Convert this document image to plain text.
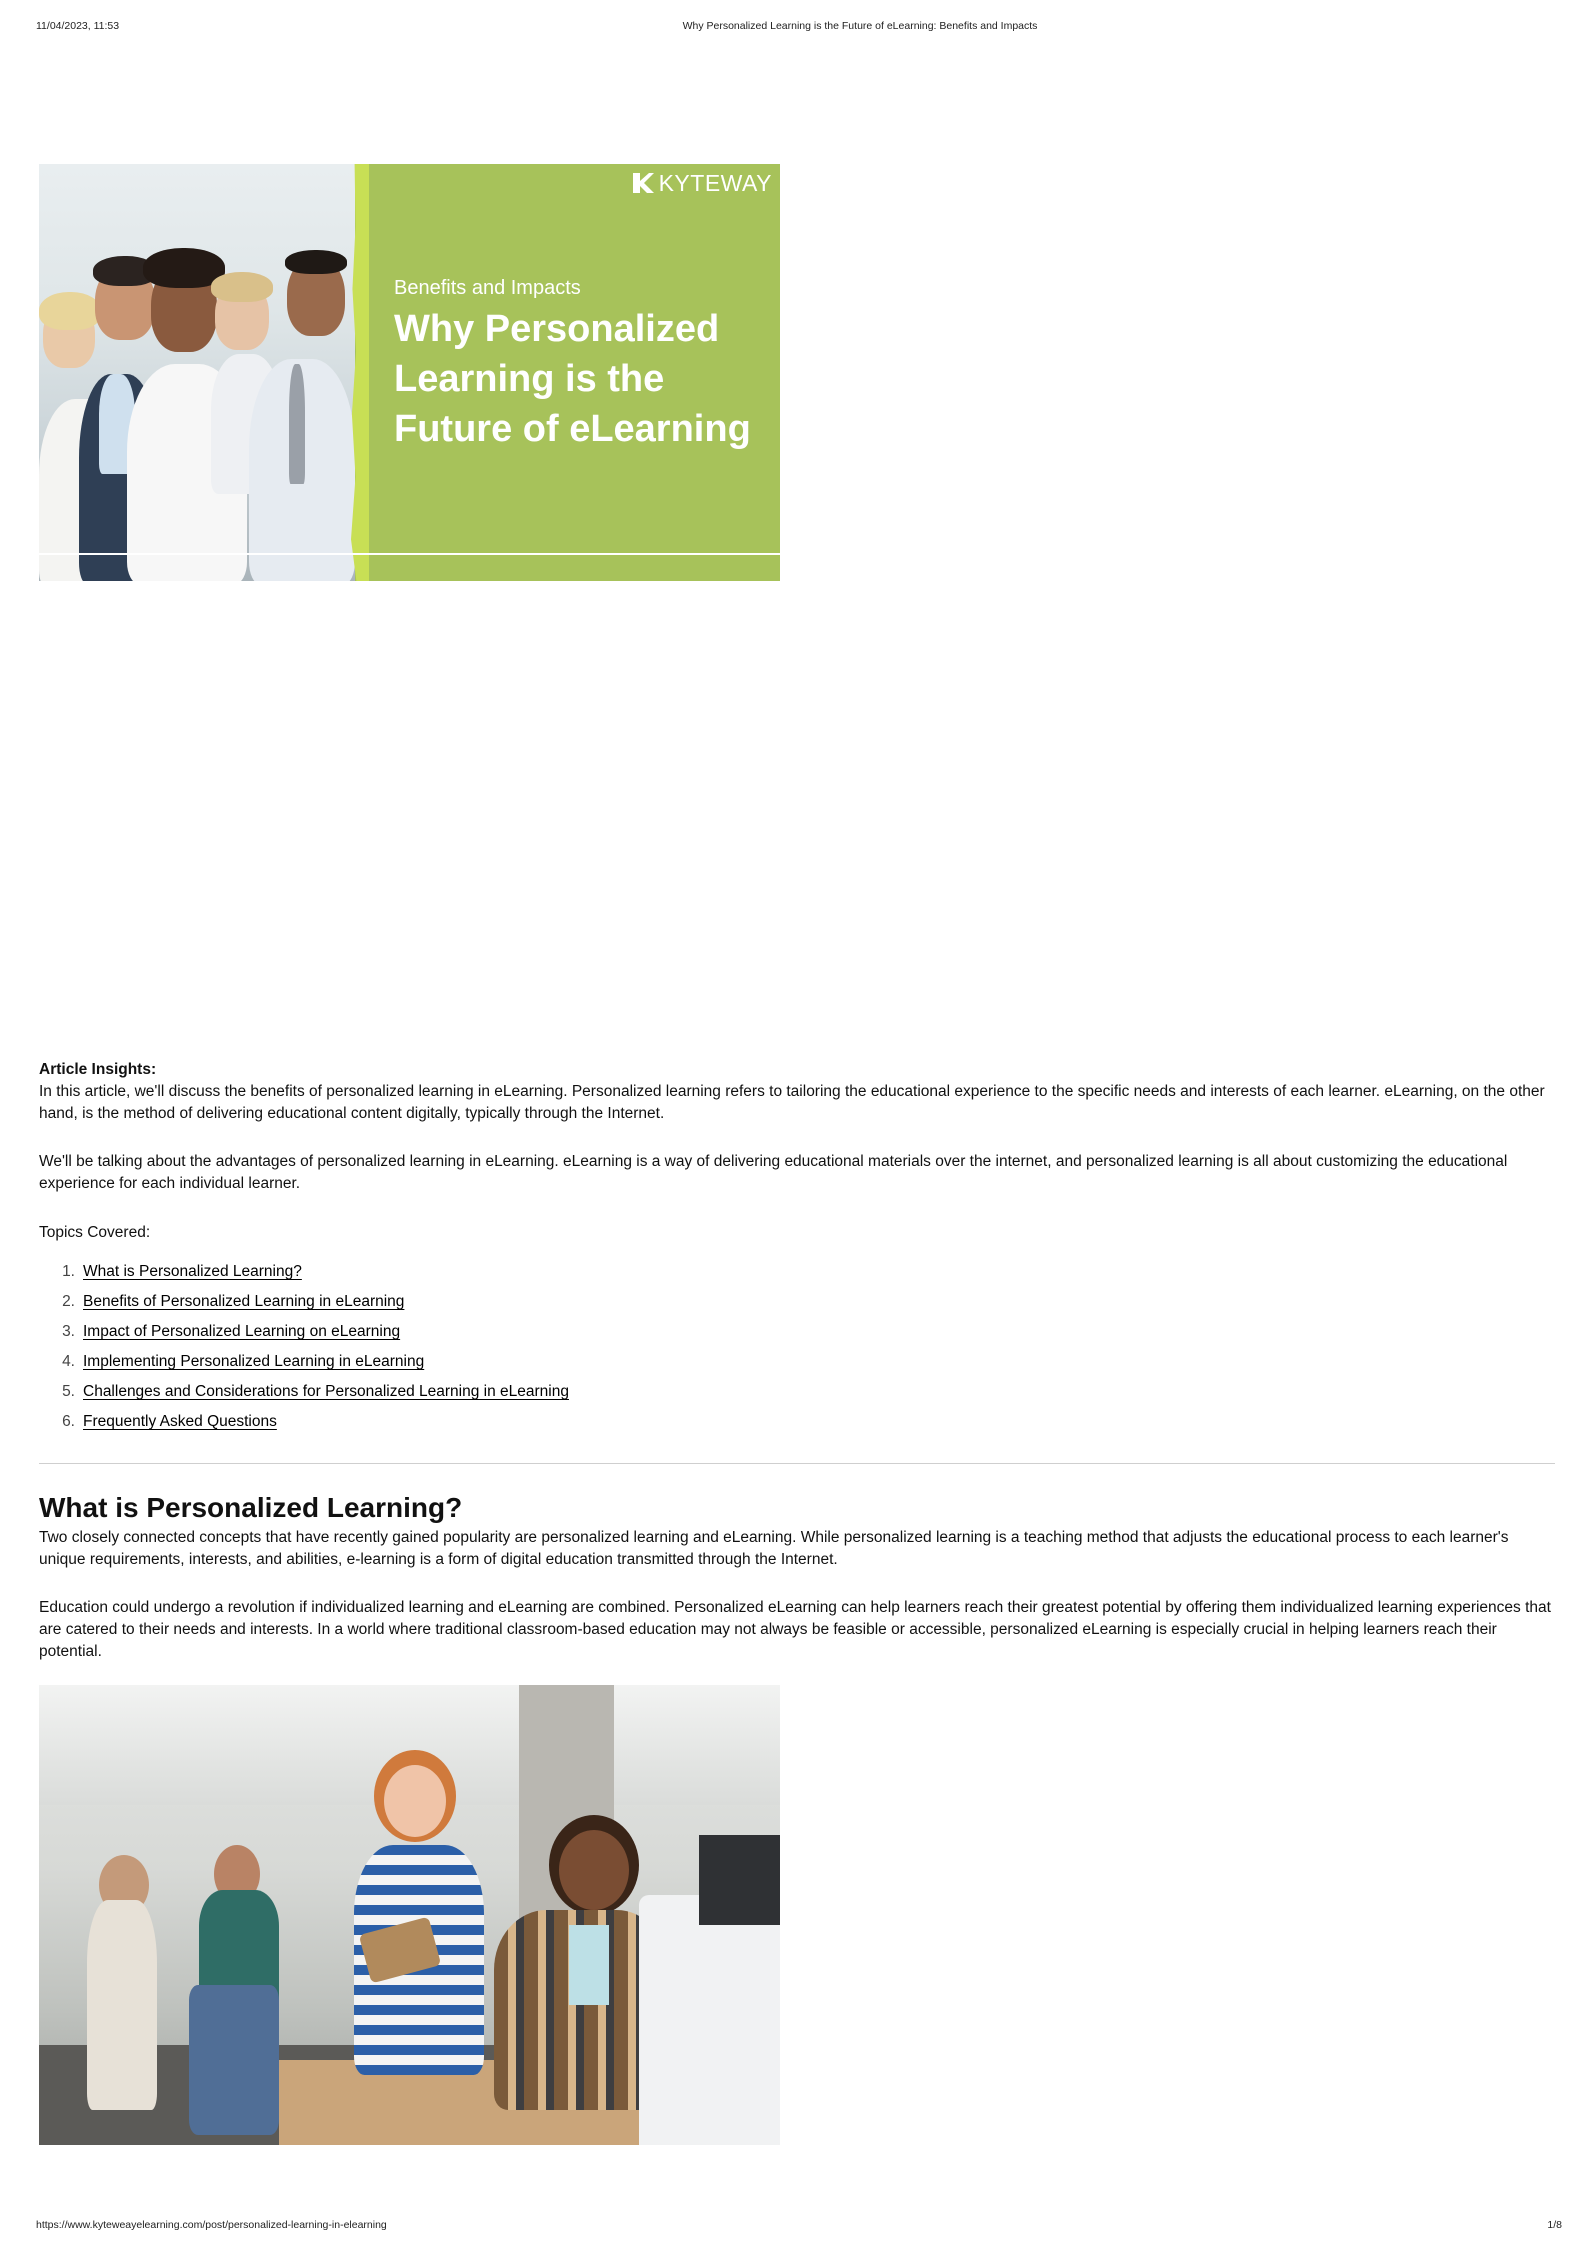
11/04/2023, 11:53	Why Personalized Learning is the Future of eLearning: Benefits and Impacts
KYTEWAY
Benefits and Impacts
Why Personalized
Learning is the
Future of eLearning
Article Insights:
In this article, we'll discuss the benefits of personalized learning in eLearning. Personalized learning refers to tailoring the educational experience to the specific needs and interests of each learner. eLearning, on the other hand, is the method of delivering educational content digitally, typically through the Internet.
We'll be talking about the advantages of personalized learning in eLearning. eLearning is a way of delivering educational materials over the internet, and personalized learning is all about customizing the educational experience for each individual learner.
Topics Covered:
1. What is Personalized Learning?
2. Benefits of Personalized Learning in eLearning
3. Impact of Personalized Learning on eLearning
4. Implementing Personalized Learning in eLearning
5. Challenges and Considerations for Personalized Learning in eLearning
6. Frequently Asked Questions
What is Personalized Learning?
Two closely connected concepts that have recently gained popularity are personalized learning and eLearning. While personalized learning is a teaching method that adjusts the educational process to each learner's unique requirements, interests, and abilities, e-learning is a form of digital education transmitted through the Internet.
Education could undergo a revolution if individualized learning and eLearning are combined. Personalized eLearning can help learners reach their greatest potential by offering them individualized learning experiences that are catered to their needs and interests. In a world where traditional classroom-based education may not always be feasible or accessible, personalized eLearning is especially crucial in helping learners reach their potential.
https://www.kyteweayelearning.com/post/personalized-learning-in-elearning	1/8
